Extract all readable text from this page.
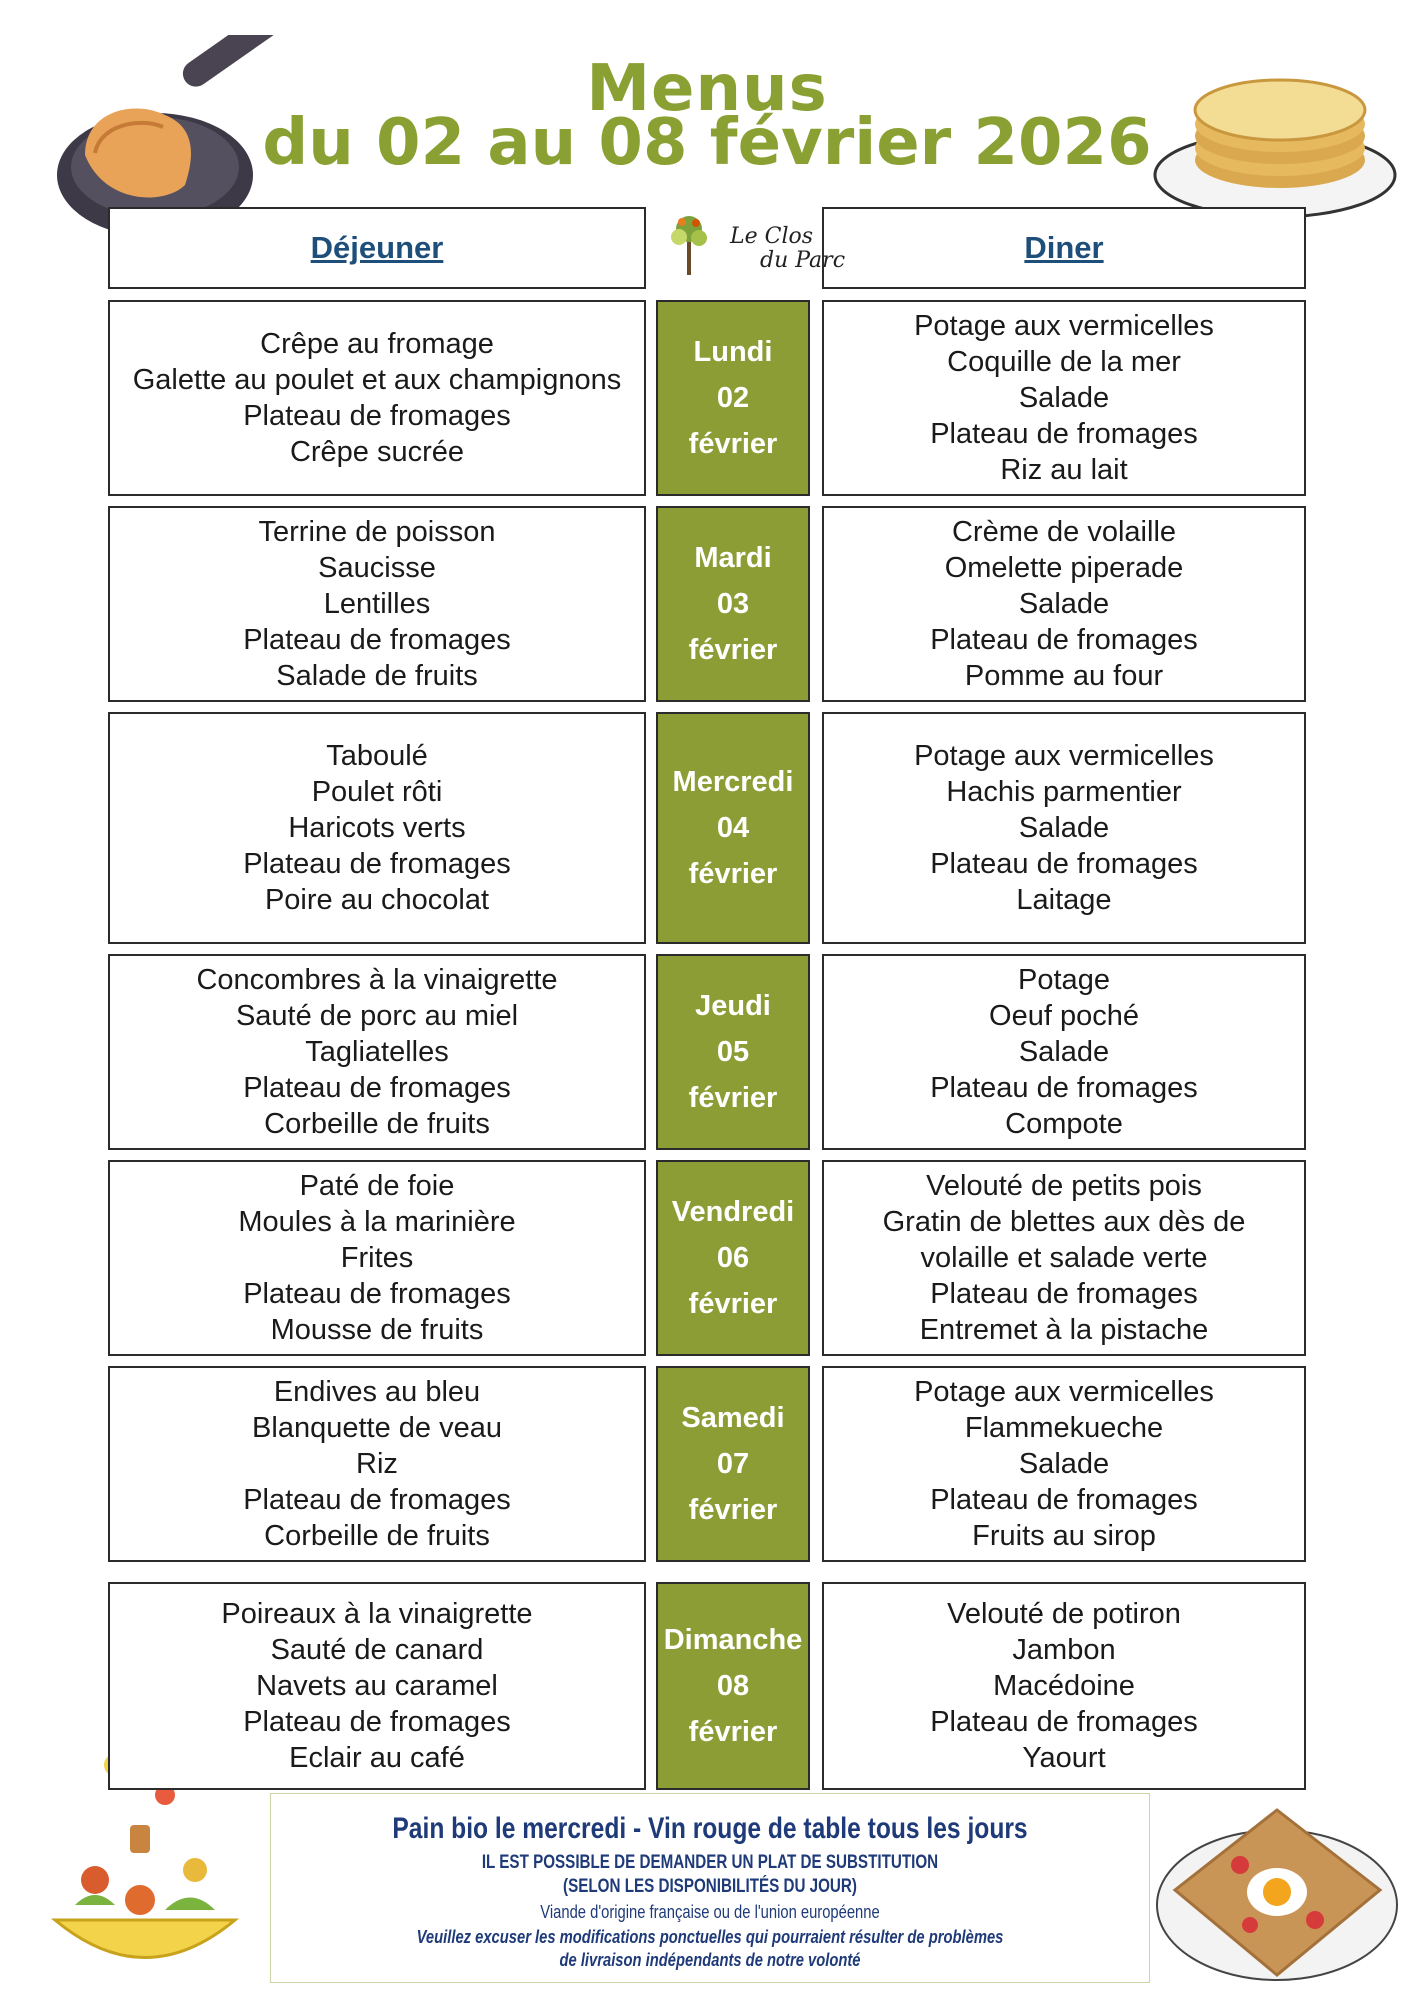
Menus
du 02 au 08 février 2026
Déjeuner	Diner
Le Clos
du Parc
Crêpe au fromage
Galette au poulet et aux champignons
Plateau de fromages
Crêpe sucrée
Lundi
02
février
Potage aux vermicelles
Coquille de la mer
Salade
Plateau de fromages
Riz au lait
Terrine de poisson
Saucisse
Lentilles
Plateau de fromages
Salade de fruits
Mardi
03
février
Crème de volaille
Omelette piperade
Salade
Plateau de fromages
Pomme au four
Taboulé
Poulet rôti
Haricots verts
Plateau de fromages
Poire au chocolat
Mercredi
04
février
Potage aux vermicelles
Hachis parmentier
Salade
Plateau de fromages
Laitage
Concombres à la vinaigrette
Sauté de porc au miel
Tagliatelles
Plateau de fromages
Corbeille de fruits
Jeudi
05
février
Potage
Oeuf poché
Salade
Plateau de fromages
Compote
Paté de foie
Moules à la marinière
Frites
Plateau de fromages
Mousse de fruits
Vendredi
06
février
Velouté de petits pois
Gratin de blettes aux dès de
volaille et salade verte
Plateau de fromages
Entremet à la pistache
Endives au bleu
Blanquette de veau
Riz
Plateau de fromages
Corbeille de fruits
Samedi
07
février
Potage aux vermicelles
Flammekueche
Salade
Plateau de fromages
Fruits au sirop
Poireaux à la vinaigrette
Sauté de canard
Navets au caramel
Plateau de fromages
Eclair au café
Dimanche
08
février
Velouté de potiron
Jambon
Macédoine
Plateau de fromages
Yaourt
Pain bio le mercredi - Vin rouge de table tous les jours
IL EST POSSIBLE DE DEMANDER UN PLAT DE SUBSTITUTION
(SELON LES DISPONIBILITÉS DU JOUR)
Viande d'origine française ou de l'union européenne
Veuillez excuser les modifications ponctuelles qui pourraient résulter de problèmes
de livraison indépendants de notre volonté
